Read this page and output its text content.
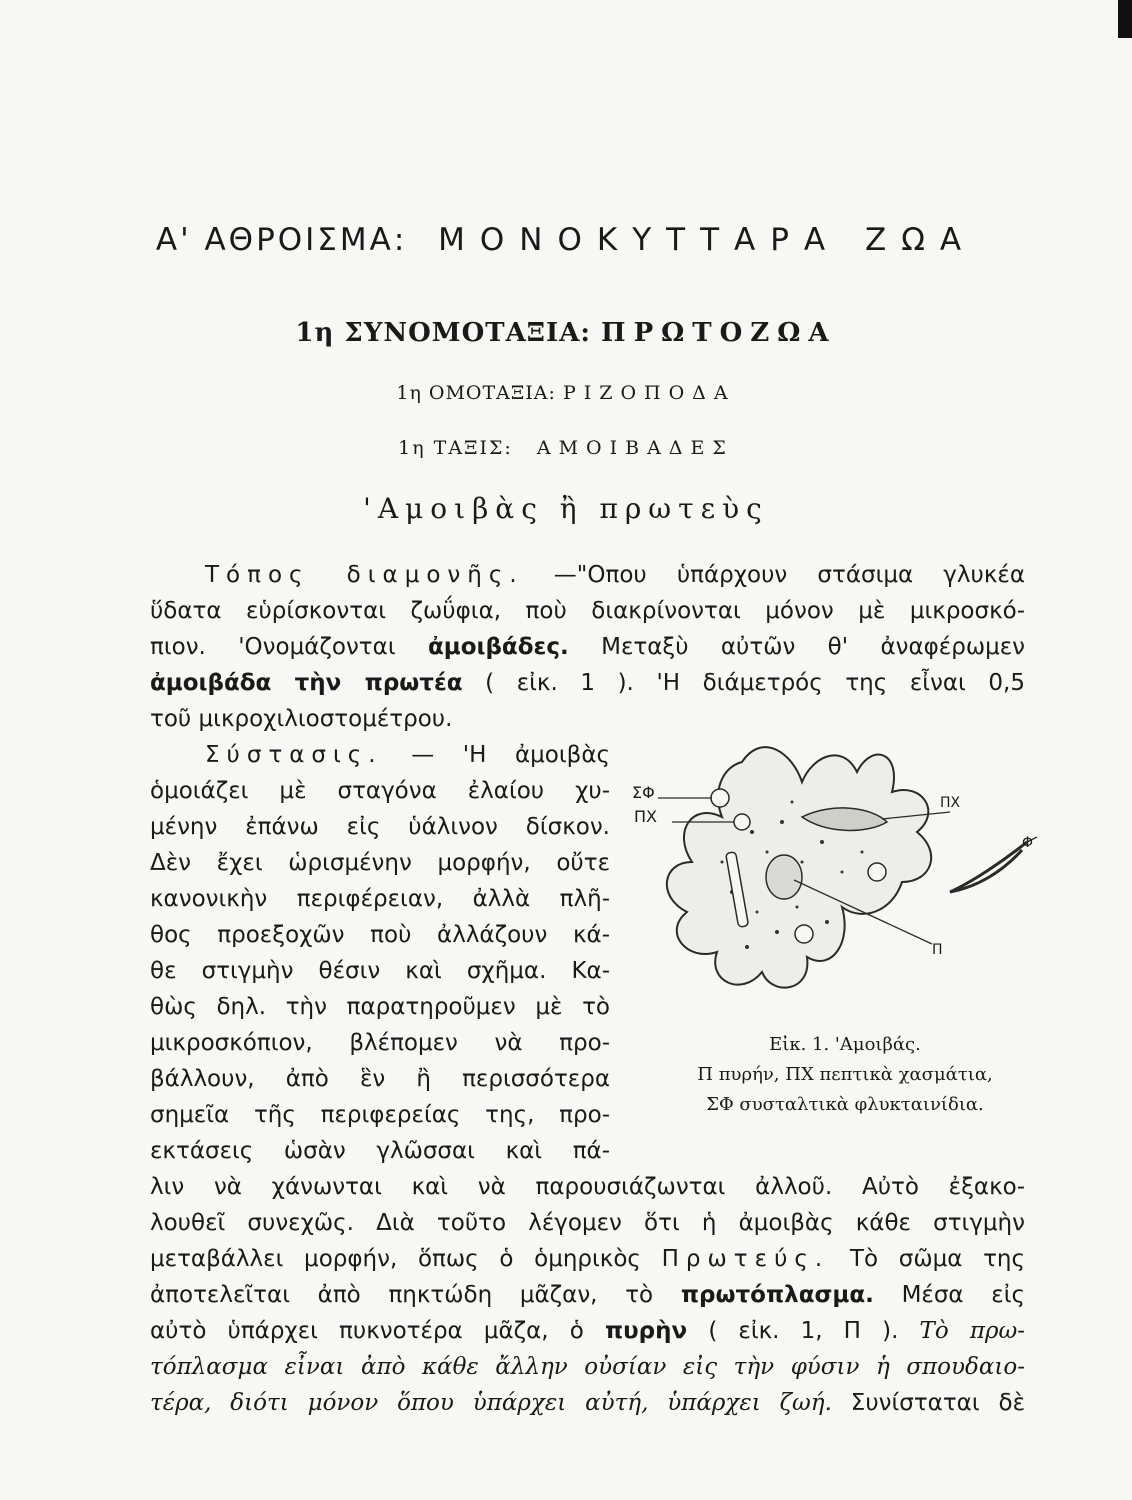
Α' ΑΘΡΟΙΣΜΑ: ΜΟΝΟΚΥΤΤΑΡΑ ΖΩΑ
1η ΣΥΝΟΜΟΤΑΞΙΑ: ΠΡΩΤΟΖΩΑ
1η ΟΜΟΤΑΞΙΑ: ΡΙΖΟΠΟΔΑ
1η ΤΑΞΙΣ: ΑΜΟΙΒΑΔΕΣ
'Αμοιβὰς ἢ πρωτεὺς
Τόπος διαμονῆς. —"Οπου ὑπάρχουν στάσιμα γλυκέα
ὕδατα εὑρίσκονται ζωΰφια, ποὺ διακρίνονται μόνον μὲ μικροσκό-
πιον. 'Ονομάζονται ἀμοιβάδες. Μεταξὺ αὐτῶν θ' ἀναφέρωμεν
ἀμοιβάδα τὴν πρωτέα ( εἰκ. 1 ). 'Η διάμετρός της εἶναι 0,5
τοῦ μικροχιλιοστομέτρου.
Σύστασις. — 'Η ἀμοιβὰς
ὁμοιάζει μὲ σταγόνα ἐλαίου χυ-
μένην ἐπάνω εἰς ὑάλινον δίσκον.
Δὲν ἔχει ὡρισμένην μορφήν, οὔτε
κανονικὴν περιφέρειαν, ἀλλὰ πλῆ-
θος προεξοχῶν ποὺ ἀλλάζουν κά-
θε στιγμὴν θέσιν καὶ σχῆμα. Κα-
θὼς δηλ. τὴν παρατηροῦμεν μὲ τὸ
μικροσκόπιον, βλέπομεν νὰ προ-
βάλλουν, ἀπὸ ἓν ἢ περισσότερα
σημεῖα τῆς περιφερείας της, προ-
εκτάσεις ὡσὰν γλῶσσαι καὶ πά-
λιν νὰ χάνωνται καὶ νὰ παρουσιάζωνται ἀλλοῦ. Αὐτὸ ἐξακο-
λουθεῖ συνεχῶς. Διὰ τοῦτο λέγομεν ὅτι ἡ ἀμοιβὰς κάθε στιγμὴν
μεταβάλλει μορφήν, ὅπως ὁ ὁμηρικὸς Πρωτεύς. Τὸ σῶμα της
ἀποτελεῖται ἀπὸ πηκτώδη μᾶζαν, τὸ πρωτόπλασμα. Μέσα εἰς
αὐτὸ ὑπάρχει πυκνοτέρα μᾶζα, ὁ πυρὴν ( εἰκ. 1, Π ). Τὸ πρω-
τόπλασμα εἶναι ἀπὸ κάθε ἄλλην οὐσίαν εἰς τὴν φύσιν ἡ σπουδαιο-
τέρα, διότι μόνον ὅπου ὑπάρχει αὐτή, ὑπάρχει ζωή. Συνίσταται δὲ
ΣΦ
ΠΧ
ΠΧ
Φ
Π
Εἰκ. 1. 'Αμοιβάς.
Π πυρήν, ΠΧ πεπτικὰ χασμάτια,
ΣΦ συσταλτικὰ φλυκταινίδια.
